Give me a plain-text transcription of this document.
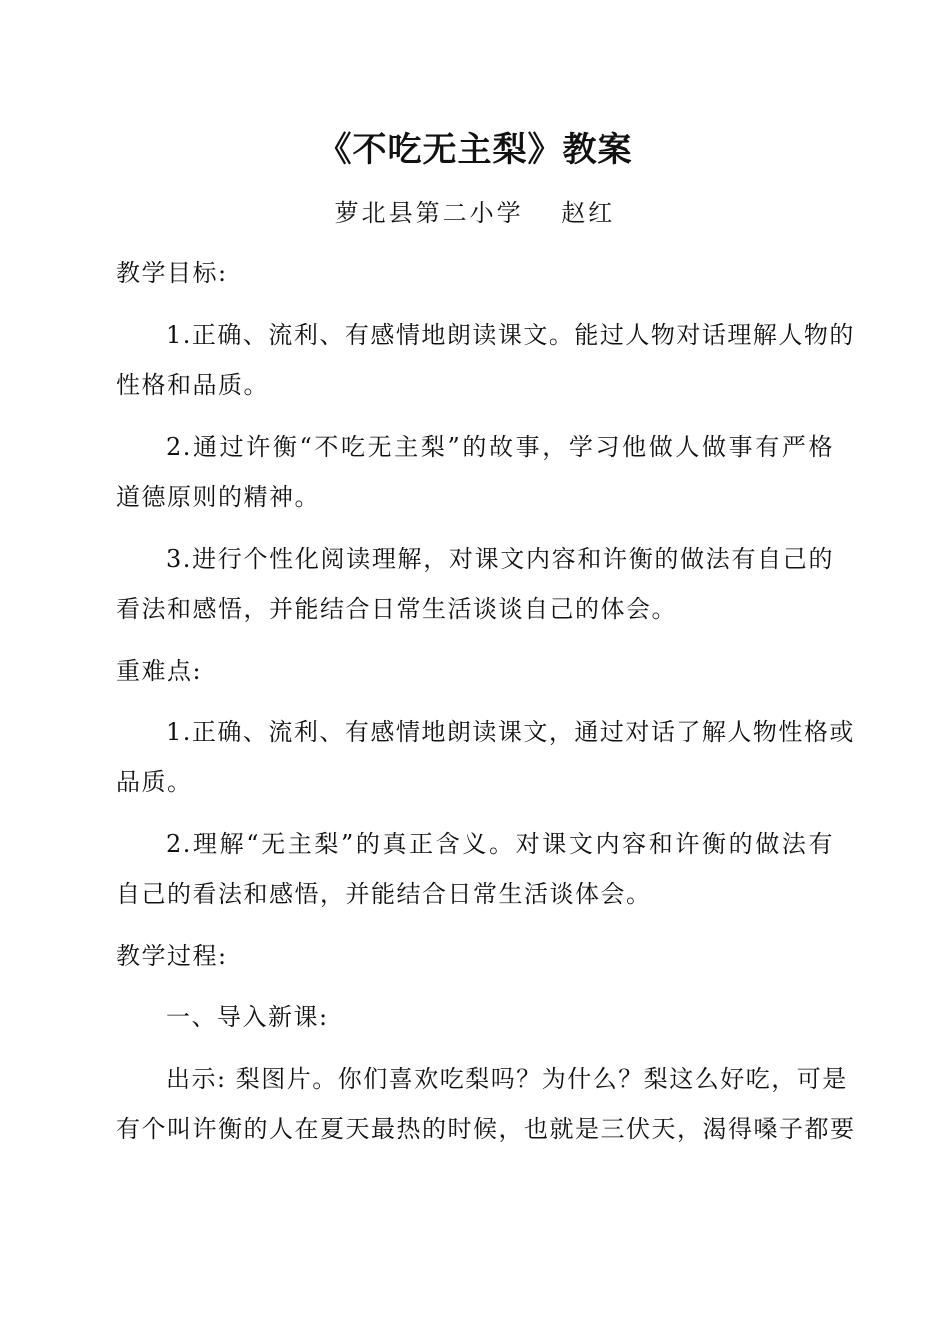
《不吃无主梨》教案
萝北县第二小学　 赵红
教学目标:
1.正确、流利、有感情地朗读课文。能过人物对话理解人物的
性格和品质。
2.通过许衡“不吃无主梨”的故事，学习他做人做事有严格
道德原则的精神。
3.进行个性化阅读理解，对课文内容和许衡的做法有自己的
看法和感悟，并能结合日常生活谈谈自己的体会。
重难点:
1.正确、流利、有感情地朗读课文，通过对话了解人物性格或
品质。
2.理解“无主梨”的真正含义。对课文内容和许衡的做法有
自己的看法和感悟，并能结合日常生活谈体会。
教学过程:
一、导入新课:
出示: 梨图片。你们喜欢吃梨吗？为什么？梨这么好吃，可是
有个叫许衡的人在夏天最热的时候，也就是三伏天，渴得嗓子都要
